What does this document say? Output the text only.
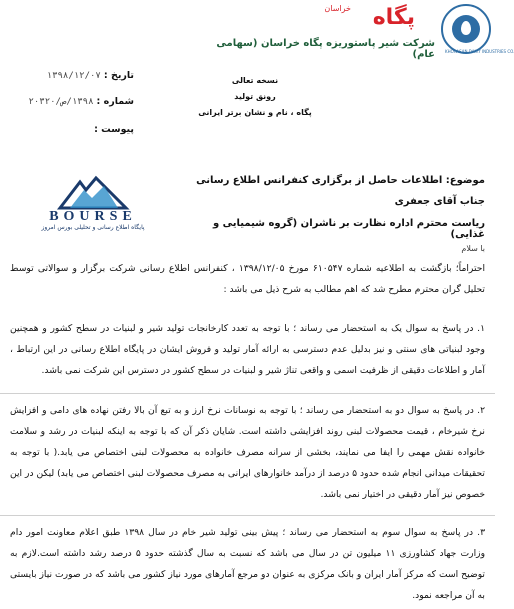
پگاه
خراسان
KHORASAN DAIRY INDUSTRIES CO.
شرکت شیر پاستوریزه پگاه خراسان (سهامی عام)
تاریخ : ۱۳۹۸/۱۲/۰۷
شماره : ۱۳۹۸/ص/۲۰۳۲۰
پیوست :
نسخه تعالی
رونق تولید
پگاه ، نام و نشان برتر ایرانی
موضوع: اطلاعات حاصل از برگزاری کنفرانس اطلاع رسانی
جناب آقای جعفری
ریاست محترم اداره نظارت بر ناشران (گروه شیمیایی و غذایی)
BOURSE
پایگاه اطلاع رسانی و تحلیلی بورس امروز
با سلام
احتراماً؛ بازگشت به اطلاعیه شماره ۶۱۰۵۴۷ مورخ ۱۳۹۸/۱۲/۰۵ ، کنفرانس اطلاع رسانی شرکت برگزار و سوالاتی توسط تحلیل گران محترم مطرح شد که اهم مطالب به شرح ذیل می باشد :
۱. در پاسخ به سوال یک به استحضار می رساند ؛ با توجه به تعدد کارخانجات تولید شیر و لبنیات در سطح کشور و همچنین وجود لبنیاتی های سنتی و نیز بدلیل عدم دسترسی به ارائه آمار تولید و فروش ایشان در پایگاه اطلاع رسانی در این ارتباط ، آمار و اطلاعات دقیقی از ظرفیت اسمی و واقعی تناژ شیر و لبنیات در سطح کشور در دسترس این شرکت نمی باشد.
۲. در پاسخ به سوال دو به استحضار می رساند ؛ با توجه به نوسانات نرخ ارز و به تبع آن بالا رفتن نهاده های دامی و افزایش نرخ شیرخام ، قیمت محصولات لبنی روند افزایشی داشته است. شایان ذکر آن که با توجه به اینکه لبنیات در رشد و سلامت خانواده نقش مهمی را ایفا می نمایند، بخشی از سرانه مصرف خانواده به محصولات لبنی اختصاص می یابد.( با توجه به تحقیقات میدانی انجام شده حدود ۵ درصد از درآمد خانوارهای ایرانی به مصرف محصولات لبنی اختصاص می یابد) لیکن در این خصوص نیز آمار دقیقی در اختیار نمی باشد.
۳. در پاسخ به سوال سوم به استحضار می رساند ؛ پیش بینی تولید شیر خام در سال ۱۳۹۸ طبق اعلام معاونت امور دام وزارت جهاد کشاورزی ۱۱ میلیون تن در سال می باشد که نسبت به سال گذشته حدود ۵ درصد رشد داشته است.لازم به توضیح است که مرکز آمار ایران و بانک مرکزی به عنوان دو مرجع آمارهای مورد نیاز کشور می باشد که در صورت نیاز بایستی به آن مراجعه نمود.
